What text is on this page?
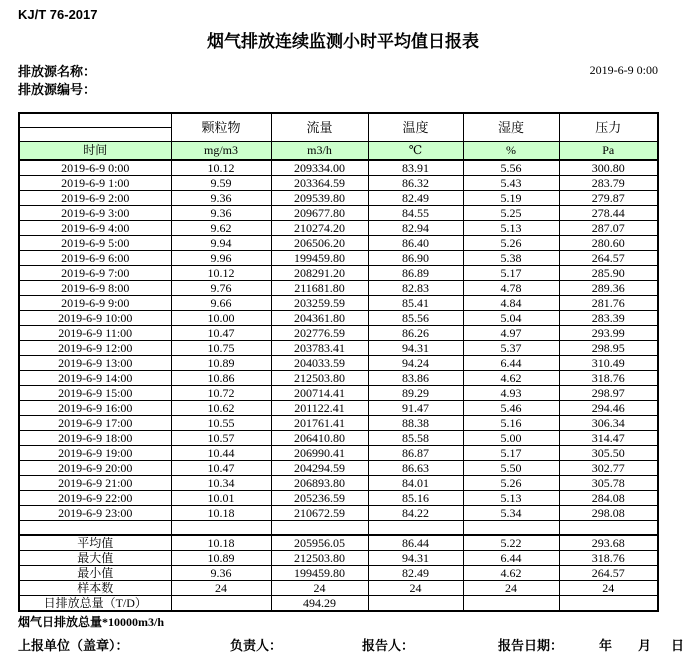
KJ/T 76-2017
烟气排放连续监测小时平均值日报表
排放源名称：
排放源编号：
2019-6-9 0:00
	颗粒物	流量	温度	湿度	压力

时间	mg/m3	m3/h	℃	%	Pa
2019-6-9 0:00	10.12	209334.00	83.91	5.56	300.80
2019-6-9 1:00	9.59	203364.59	86.32	5.43	283.79
2019-6-9 2:00	9.36	209539.80	82.49	5.19	279.87
2019-6-9 3:00	9.36	209677.80	84.55	5.25	278.44
2019-6-9 4:00	9.62	210274.20	82.94	5.13	287.07
2019-6-9 5:00	9.94	206506.20	86.40	5.26	280.60
2019-6-9 6:00	9.96	199459.80	86.90	5.38	264.57
2019-6-9 7:00	10.12	208291.20	86.89	5.17	285.90
2019-6-9 8:00	9.76	211681.80	82.83	4.78	289.36
2019-6-9 9:00	9.66	203259.59	85.41	4.84	281.76
2019-6-9 10:00	10.00	204361.80	85.56	5.04	283.39
2019-6-9 11:00	10.47	202776.59	86.26	4.97	293.99
2019-6-9 12:00	10.75	203783.41	94.31	5.37	298.95
2019-6-9 13:00	10.89	204033.59	94.24	6.44	310.49
2019-6-9 14:00	10.86	212503.80	83.86	4.62	318.76
2019-6-9 15:00	10.72	200714.41	89.29	4.93	298.97
2019-6-9 16:00	10.62	201122.41	91.47	5.46	294.46
2019-6-9 17:00	10.55	201761.41	88.38	5.16	306.34
2019-6-9 18:00	10.57	206410.80	85.58	5.00	314.47
2019-6-9 19:00	10.44	206990.41	86.87	5.17	305.50
2019-6-9 20:00	10.47	204294.59	86.63	5.50	302.77
2019-6-9 21:00	10.34	206893.80	84.01	5.26	305.78
2019-6-9 22:00	10.01	205236.59	85.16	5.13	284.08
2019-6-9 23:00	10.18	210672.59	84.22	5.34	298.08

平均值	10.18	205956.05	86.44	5.22	293.68
最大值	10.89	212503.80	94.31	6.44	318.76
最小值	9.36	199459.80	82.49	4.62	264.57
样本数	24	24	24	24	24
日排放总量（T/D）		494.29			
烟气日排放总量*10000m3/h
上报单位（盖章）：	负责人：	报告人：	报告日期：	年 月 日
